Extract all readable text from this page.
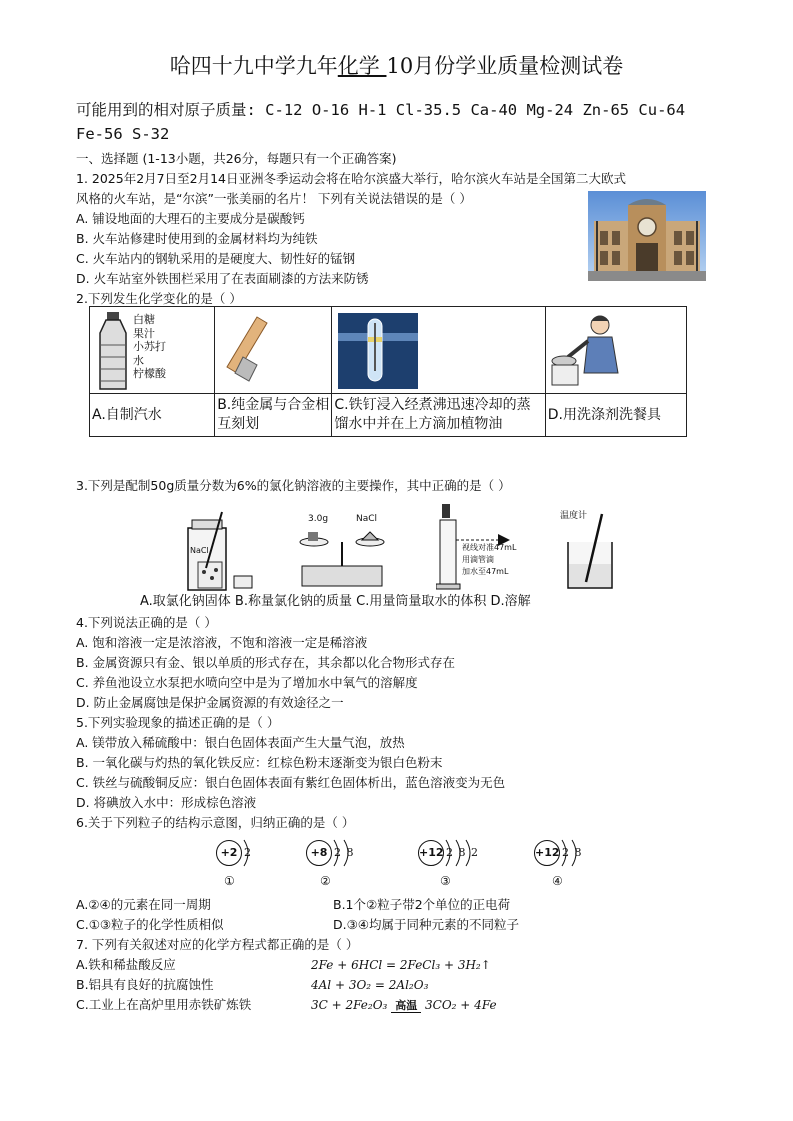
哈四十九中学九年化学 10月份学业质量检测试卷
可能用到的相对原子质量: C-12 O-16 H-1 Cl-35.5 Ca-40 Mg-24 Zn-65 Cu-64
Fe-56 S-32
一、选择题 (1-13小题，共26分，每题只有一个正确答案)
1. 2025年2月7日至2月14日亚洲冬季运动会将在哈尔滨盛大举行，哈尔滨火车站是全国第二大欧式
风格的火车站，是“尔滨”一张美丽的名片！ 下列有关说法错误的是（ ）
A. 铺设地面的大理石的主要成分是碳酸钙
B. 火车站修建时使用到的金属材料均为纯铁
C. 火车站内的钢轨采用的是硬度大、韧性好的锰钢
D. 火车站室外铁围栏采用了在表面刷漆的方法来防锈
2.下列发生化学变化的是（ ）
白糖
果汁
小苏打
水
柠檬酸

A.自制汽水	B.纯金属与合金相互刻划	C.铁钉浸入经煮沸迅速冷却的蒸馏水中并在上方滴加植物油	D.用洗涤剂洗餐具
3.下列是配制50g质量分数为6%的氯化钠溶液的主要操作，其中正确的是（ ）
NaCl
3.0g	NaCl
视线对准47mL
用滴管滴
加水至47mL
温度计
A.取氯化钠固体 B.称量氯化钠的质量 C.用量筒量取水的体积 D.溶解
4.下列说法正确的是（ ）
A. 饱和溶液一定是浓溶液，不饱和溶液一定是稀溶液
B. 金属资源只有金、银以单质的形式存在，其余都以化合物形式存在
C. 养鱼池设立水泵把水喷向空中是为了增加水中氧气的溶解度
D. 防止金属腐蚀是保护金属资源的有效途径之一
5.下列实验现象的描述正确的是（ ）
A. 镁带放入稀硫酸中：银白色固体表面产生大量气泡，放热
B. 一氧化碳与灼热的氧化铁反应：红棕色粉末逐渐变为银白色粉末
C. 铁丝与硫酸铜反应：银白色固体表面有紫红色固体析出，蓝色溶液变为无色
D. 将碘放入水中：形成棕色溶液
6.关于下列粒子的结构示意图，归纳正确的是（ ）
+2 2
①
+8 2 8
②
+12 2 8 2
③
+12 2 8
④
A.②④的元素在同一周期	B.1个②粒子带2个单位的正电荷
C.①③粒子的化学性质相似	D.③④均属于同种元素的不同粒子
7. 下列有关叙述对应的化学方程式都正确的是（ ）
A.铁和稀盐酸反应	2Fe + 6HCl = 2FeCl₃ + 3H₂↑
B.铝具有良好的抗腐蚀性	4Al + 3O₂ = 2Al₂O₃
C.工业上在高炉里用赤铁矿炼铁	3C + 2Fe₂O₃ 高温 3CO₂ + 4Fe
